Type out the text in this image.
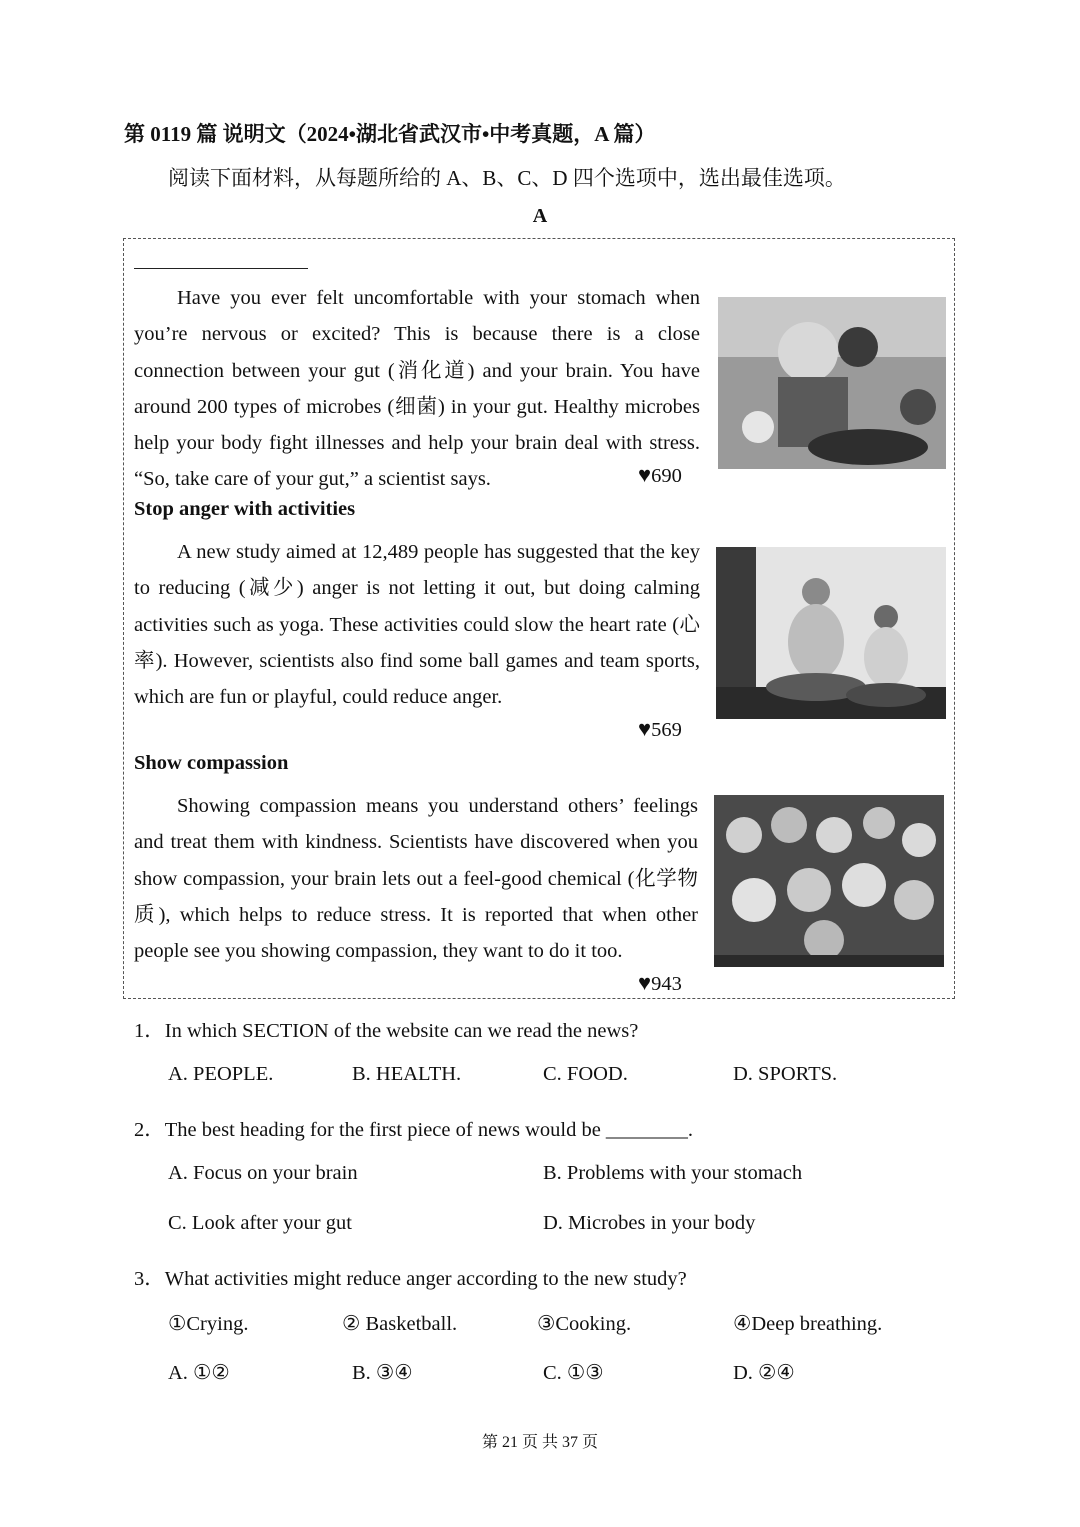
第 0119 篇 说明文（2024•湖北省武汉市•中考真题，A 篇）
阅读下面材料，从每题所给的 A、B、C、D 四个选项中，选出最佳选项。
A
Have you ever felt uncomfortable with your stomach when you’re nervous or excited? This is because there is a close connection between your gut (消化道) and your brain. You have around 200 types of microbes (细菌) in your gut. Healthy microbes help your body fight illnesses and help your brain deal with stress. “So, take care of your gut,” a scientist says.	♥690
Stop anger with activities
A new study aimed at 12,489 people has suggested that the key to reducing (减少) anger is not letting it out, but doing calming activities such as yoga. These activities could slow the heart rate (心率). However, scientists also find some ball games and team sports, which are fun or playful, could reduce anger.
♥569
Show compassion
Showing compassion means you understand others’ feelings and treat them with kindness. Scientists have discovered when you show compassion, your brain lets out a feel-good chemical (化学物质), which helps to reduce stress. It is reported that when other people see you showing compassion, they want to do it too.
♥943
1．In which SECTION of the website can we read the news?
A. PEOPLE.	B. HEALTH.	C. FOOD.	D. SPORTS.
2．The best heading for the first piece of news would be ________.
A. Focus on your brain	B. Problems with your stomach
C. Look after your gut	D. Microbes in your body
3．What activities might reduce anger according to the new study?
①Crying.	② Basketball.	③Cooking.	④Deep breathing.
A. ①②	B. ③④	C. ①③	D. ②④
第 21 页 共 37 页
